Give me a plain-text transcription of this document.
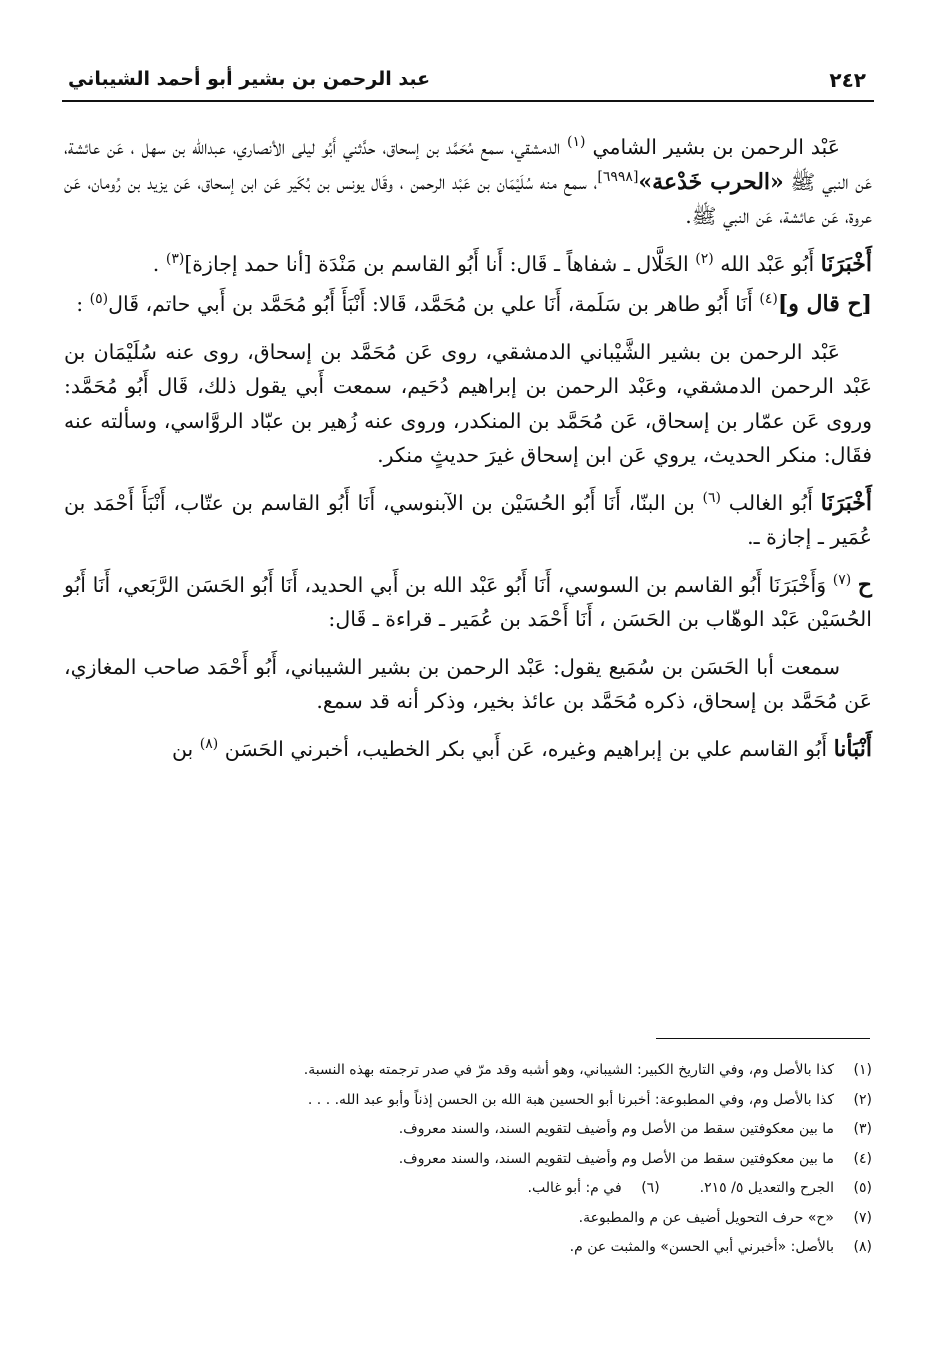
٢٤٢
عبد الرحمن بن بشير أبو أحمد الشيباني

عَبْد الرحمن بن بشير الشامي $^{(١)}$ الدمشقي، سمع مُحَمَّد بن إسحاق، حدَّثني أَبُو ليلى الأنصاري، عبدالله بن سهل ، عَن عائشة، عَن النبي ﷺ «الحرب خَدْعة»[٦٩٩٨]، سمع منه سُلَيْمَان بن عَبْد الرحمن ، وقَال يونس بن بُكَير عَن ابن إسحاق، عَن يزيد بن رُومان، عَن عروة، عَن عائشة، عَن النبي ﷺ.

أَخْبَرَنَا أَبُو عَبْد الله $^{(٢)}$ الخَلَّال ـ شفاهاً ـ قَال: أَنا أَبُو القاسم بن مَنْدَة [أنا حمد إجازة]$^{(٣)}$ .

[ح قال و]$^{(٤)}$ أَنَا أَبُو طاهر بن سَلَمة، أَنَا علي بن مُحَمَّد، قَالا: أَنْبَأَ أَبُو مُحَمَّد بن أَبي حاتم، قَال$^{(٥)}$ :

عَبْد الرحمن بن بشير الشَّيْباني الدمشقي، روى عَن مُحَمَّد بن إسحاق، روى عنه سُلَيْمَان بن عَبْد الرحمن الدمشقي، وعَبْد الرحمن بن إبراهيم دُحَيم، سمعت أَبي يقول ذلك، قَال أَبُو مُحَمَّد: وروى عَن عمّار بن إسحاق، عَن مُحَمَّد بن المنكدر، وروى عنه زُهير بن عبّاد الروَّاسي، وسألته عنه فقَال: منكر الحديث، يروي عَن ابن إسحاق غيرَ حديثٍ منكر.

أَخْبَرَنَا أَبُو الغالب $^{(٦)}$ بن البنّا، أَنَا أَبُو الحُسَيْن بن الآبنوسي، أَنَا أَبُو القاسم بن عتّاب، أَنْبَأَ أَحْمَد بن عُمَير ـ إجازة ـ.

ح $^{(٧)}$ وَأَخْبَرَنَا أَبُو القاسم بن السوسي، أَنَا أَبُو عَبْد الله بن أَبي الحديد، أَنَا أَبُو الحَسَن الرَّبَعي، أَنَا أَبُو الحُسَيْن عَبْد الوهّاب بن الحَسَن ، أَنَا أَحْمَد بن عُمَير ـ قراءة ـ قَال:

سمعت أبا الحَسَن بن سُمَيع يقول: عَبْد الرحمن بن بشير الشيباني، أَبُو أَحْمَد صاحب المغازي، عَن مُحَمَّد بن إسحاق، ذكره مُحَمَّد بن عائذ بخير، وذكر أنه قد سمع.

أَنْبَأنا أَبُو القاسم علي بن إبراهيم وغيره، عَن أَبي بكر الخطيب، أخبرني الحَسَن $^{(٨)}$ بن

(١)
كذا بالأصل وم، وفي التاريخ الكبير: الشيباني، وهو أشبه وقد مرّ في صدر ترجمته بهذه النسبة.
(٢)
كذا بالأصل وم، وفي المطبوعة: أخبرنا أبو الحسين هبة الله بن الحسن إذناً وأبو عبد الله. . . .
(٣)
ما بين معكوفتين سقط من الأصل وم وأضيف لتقويم السند، والسند معروف.
(٤)
ما بين معكوفتين سقط من الأصل وم وأضيف لتقويم السند، والسند معروف.
(٥)
الجرح والتعديل ٥/ ٢١٥.
(٦)
في م: أبو غالب.
(٧)
«ح» حرف التحويل أضيف عن م والمطبوعة.
(٨)
بالأصل: «أخبرني أبي الحسن» والمثبت عن م.
